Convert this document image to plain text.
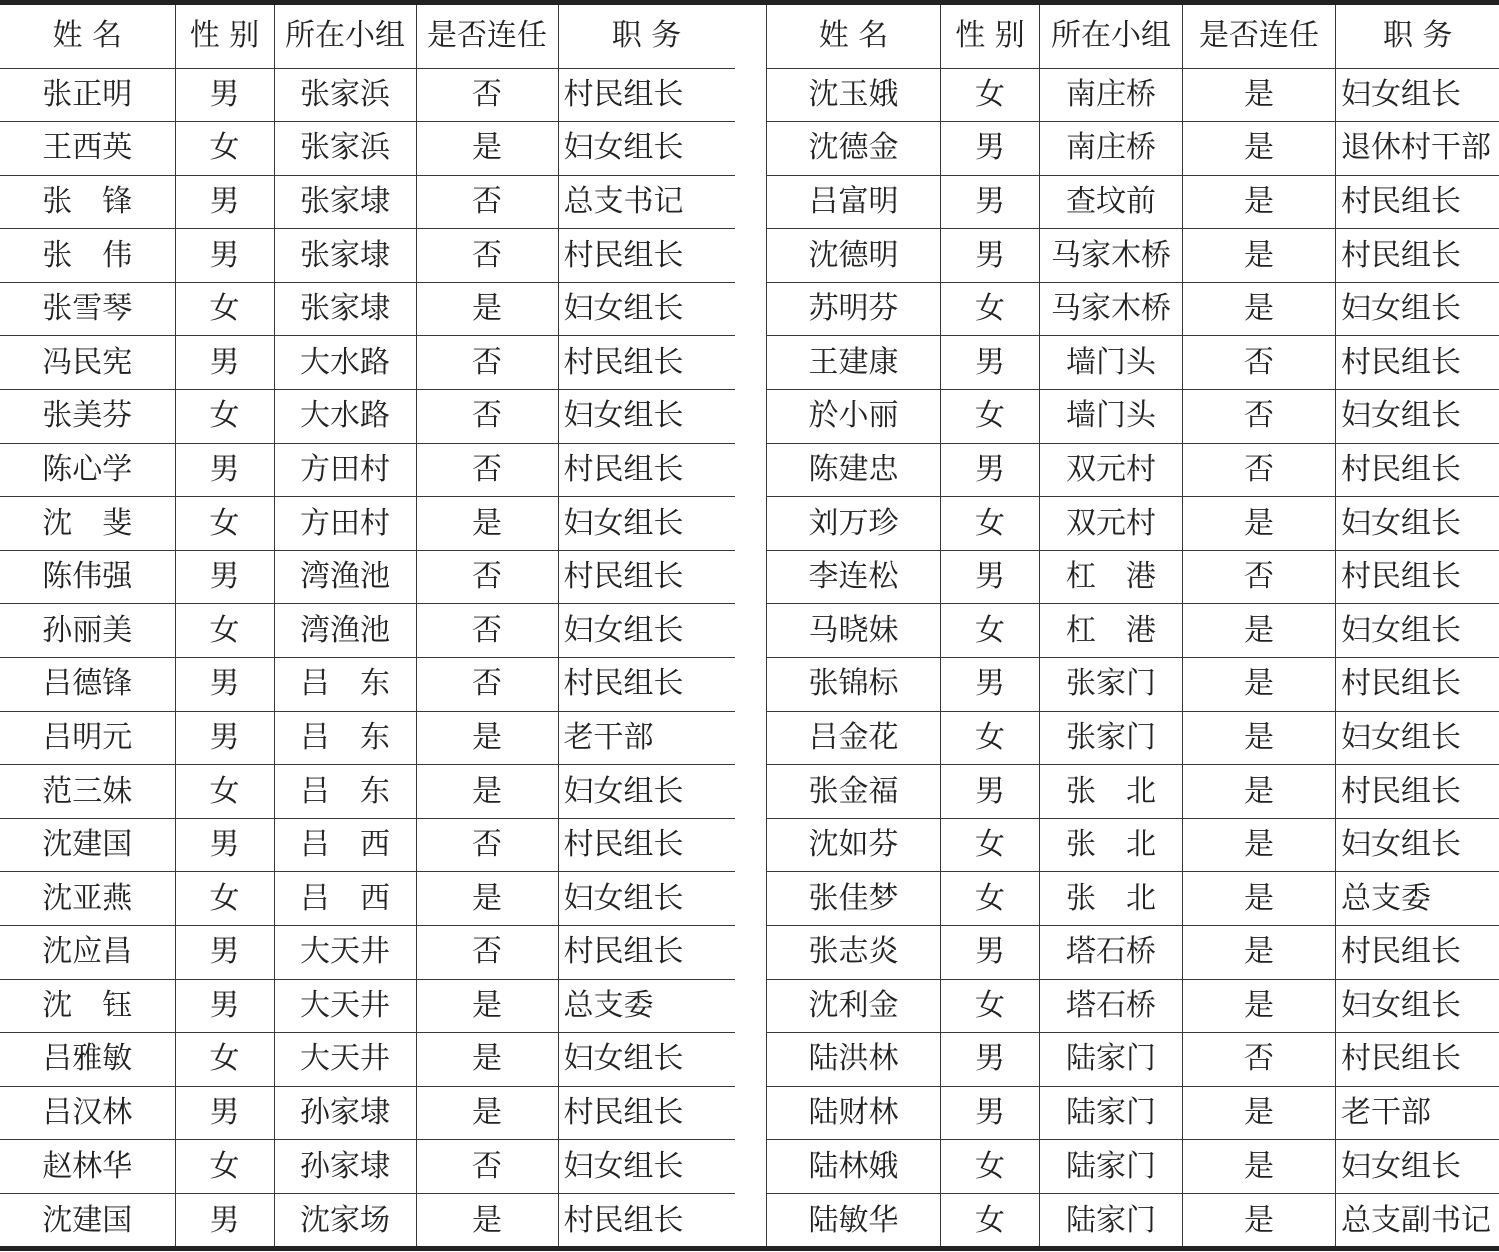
姓 名	性 别	所在小组	是否连任	职 务
张正明	男	张家浜	否	村民组长
王西英	女	张家浜	是	妇女组长
张　锋	男	张家埭	否	总支书记
张　伟	男	张家埭	否	村民组长
张雪琴	女	张家埭	是	妇女组长
冯民宪	男	大水路	否	村民组长
张美芬	女	大水路	否	妇女组长
陈心学	男	方田村	否	村民组长
沈　斐	女	方田村	是	妇女组长
陈伟强	男	湾渔池	否	村民组长
孙丽美	女	湾渔池	否	妇女组长
吕德锋	男	吕　东	否	村民组长
吕明元	男	吕　东	是	老干部
范三妹	女	吕　东	是	妇女组长
沈建国	男	吕　西	否	村民组长
沈亚燕	女	吕　西	是	妇女组长
沈应昌	男	大天井	否	村民组长
沈　钰	男	大天井	是	总支委
吕雅敏	女	大天井	是	妇女组长
吕汉林	男	孙家埭	是	村民组长
赵林华	女	孙家埭	否	妇女组长
沈建国	男	沈家场	是	村民组长
姓 名	性 别	所在小组	是否连任	职 务
沈玉娥	女	南庄桥	是	妇女组长
沈德金	男	南庄桥	是	退休村干部
吕富明	男	查坟前	是	村民组长
沈德明	男	马家木桥	是	村民组长
苏明芬	女	马家木桥	是	妇女组长
王建康	男	墙门头	否	村民组长
於小丽	女	墙门头	否	妇女组长
陈建忠	男	双元村	否	村民组长
刘万珍	女	双元村	是	妇女组长
李连松	男	杠　港	否	村民组长
马晓妹	女	杠　港	是	妇女组长
张锦标	男	张家门	是	村民组长
吕金花	女	张家门	是	妇女组长
张金福	男	张　北	是	村民组长
沈如芬	女	张　北	是	妇女组长
张佳梦	女	张　北	是	总支委
张志炎	男	塔石桥	是	村民组长
沈利金	女	塔石桥	是	妇女组长
陆洪林	男	陆家门	否	村民组长
陆财林	男	陆家门	是	老干部
陆林娥	女	陆家门	是	妇女组长
陆敏华	女	陆家门	是	总支副书记
